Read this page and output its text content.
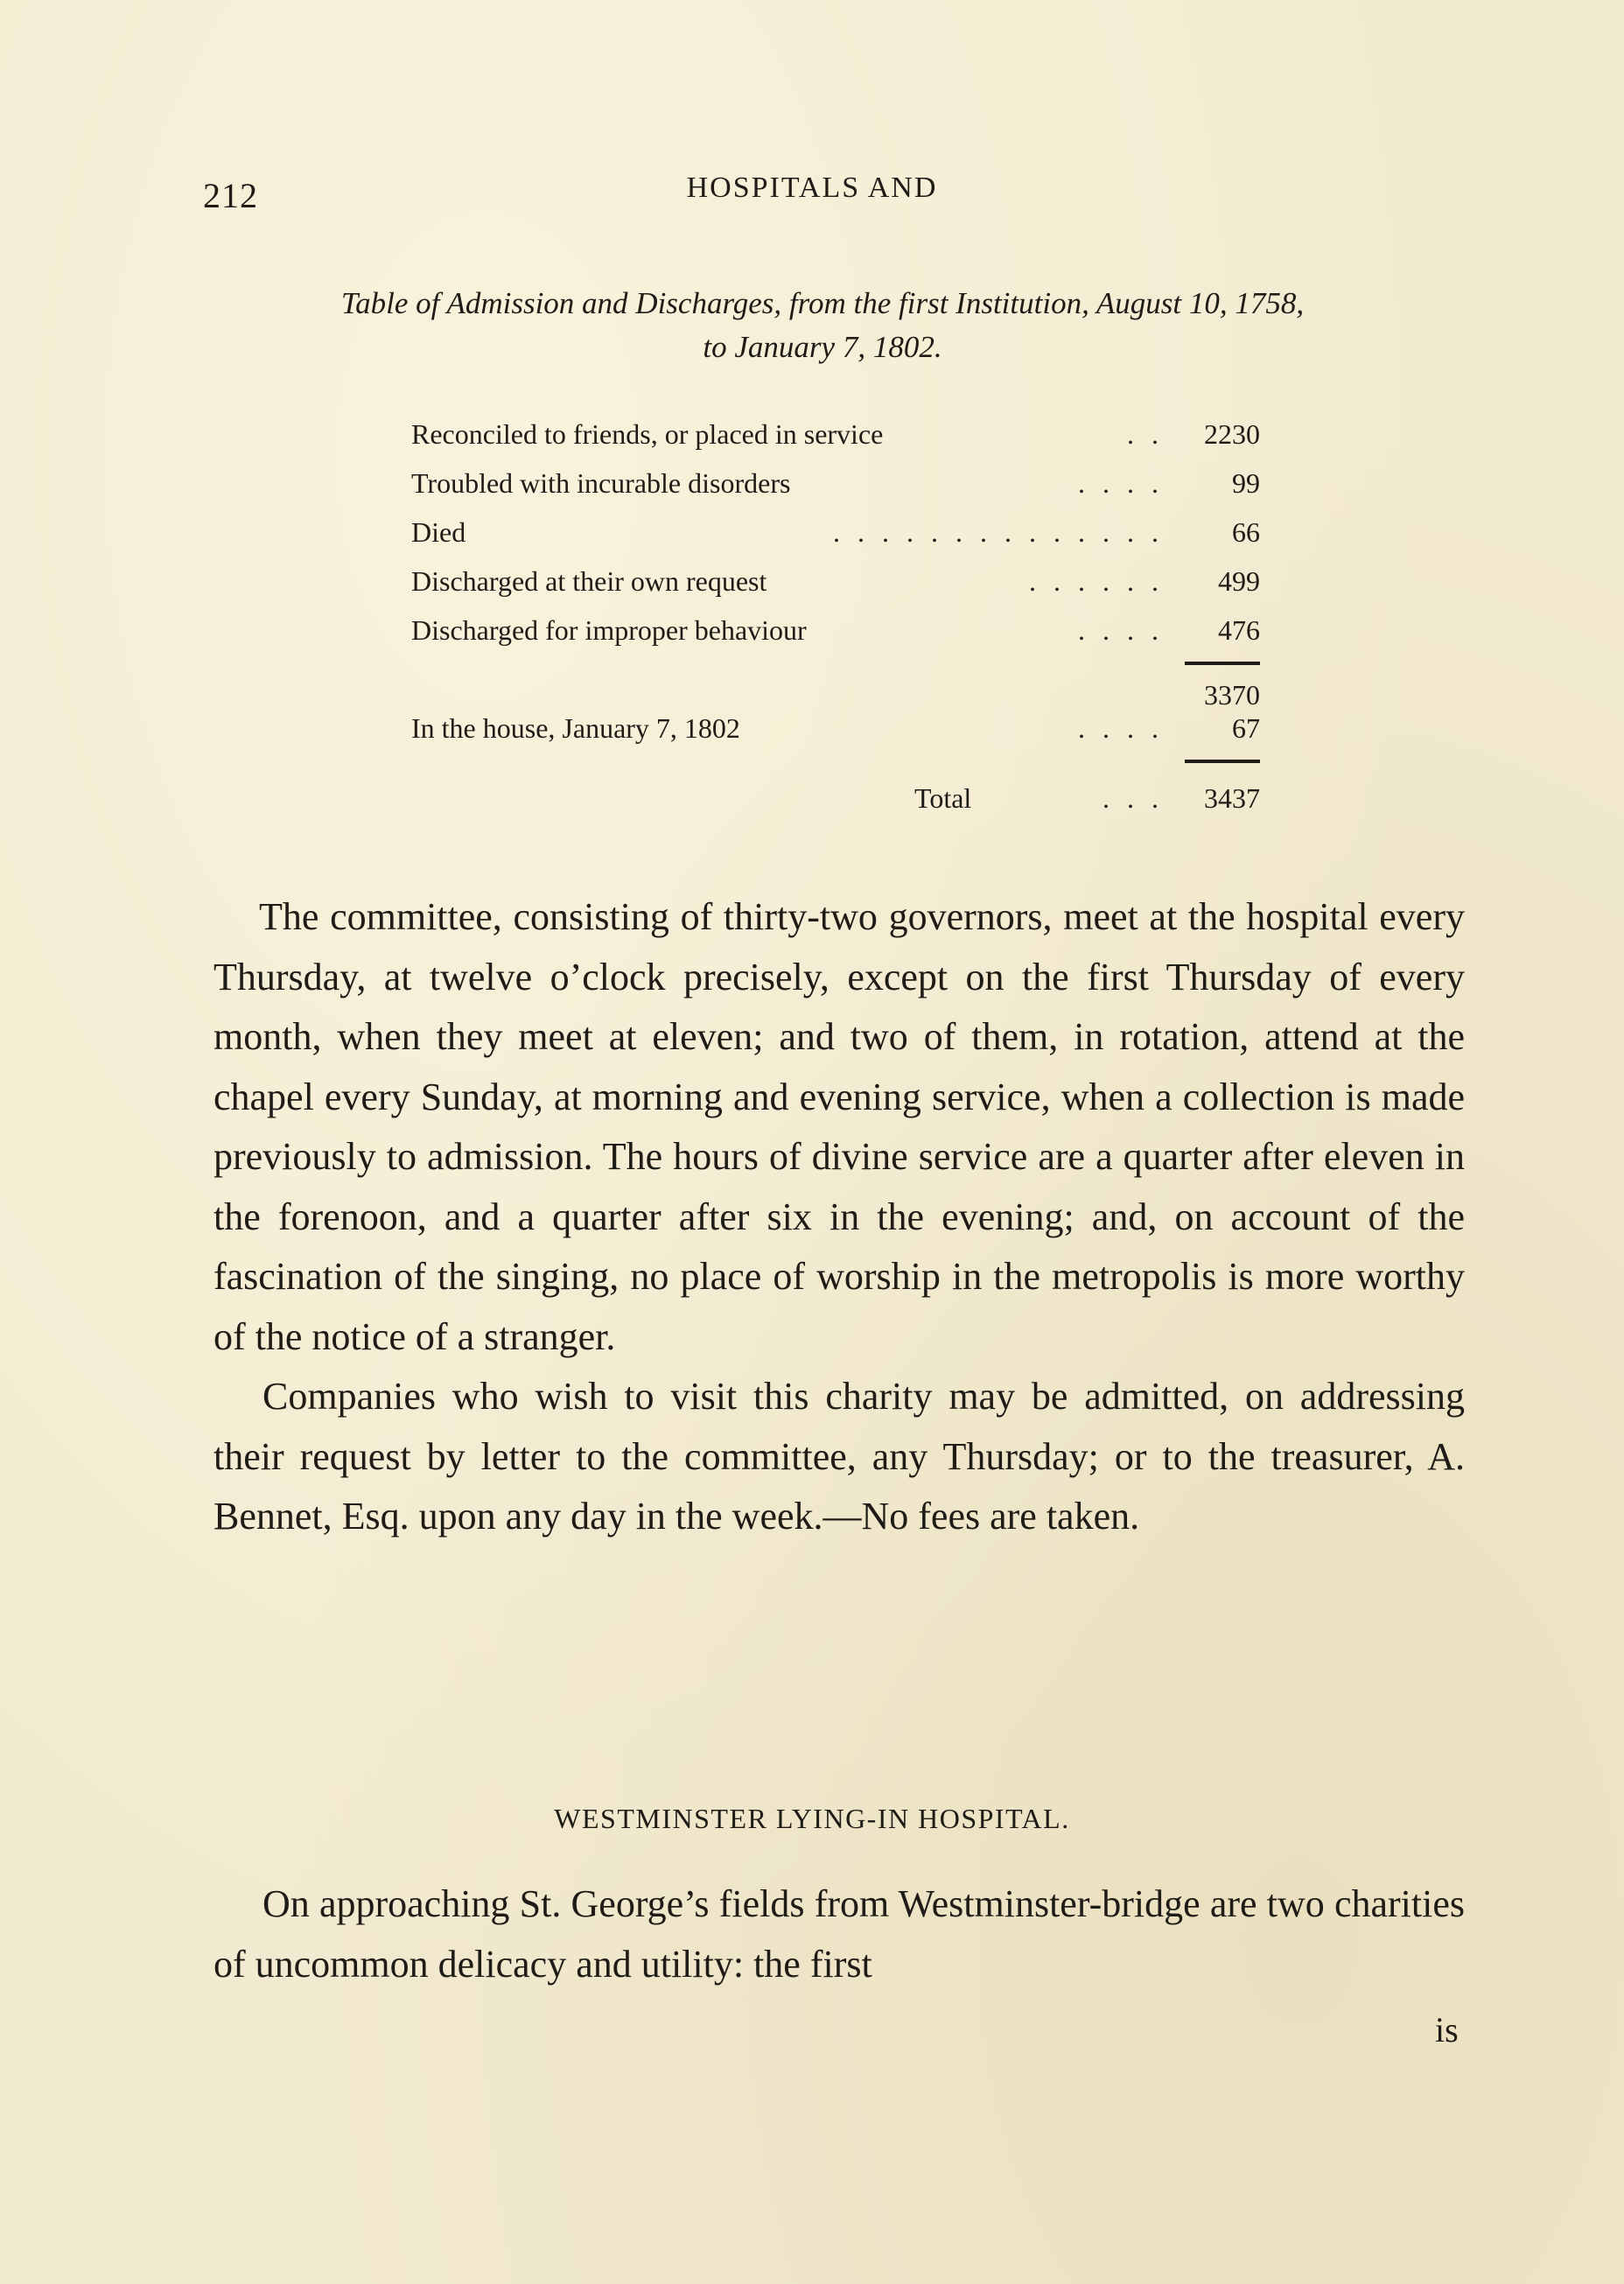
212	HOSPITALS AND
Table of Admission and Discharges, from the first Institution, August 10, 1758,
to January 7, 1802.
Reconciled to friends, or placed in service	. .	2230
Troubled with incurable disorders	. . . .	99
Died	. . . . . . . . . . . . . .	66
Discharged at their own request	. . . . . .	499
Discharged for improper behaviour	. . . .	476
3370
In the house, January 7, 1802	. . . .	67
Total	. . .	3437

The committee, consisting of thirty-two governors, meet at the hospital every Thursday, at twelve o’clock precisely, except on the first Thursday of every month, when they meet at eleven; and two of them, in rotation, attend at the chapel every Sunday, at morning and evening service, when a collection is made previously to admission. The hours of divine service are a quarter after eleven in the forenoon, and a quarter after six in the evening; and, on account of the fascination of the singing, no place of worship in the metropolis is more worthy of the notice of a stranger.

Companies who wish to visit this charity may be admitted, on addressing their request by letter to the committee, any Thursday; or to the treasurer, A. Bennet, Esq. upon any day in the week.—No fees are taken.

WESTMINSTER LYING-IN HOSPITAL.

On approaching St. George’s fields from Westminster-bridge are two charities of uncommon delicacy and utility: the first

is
